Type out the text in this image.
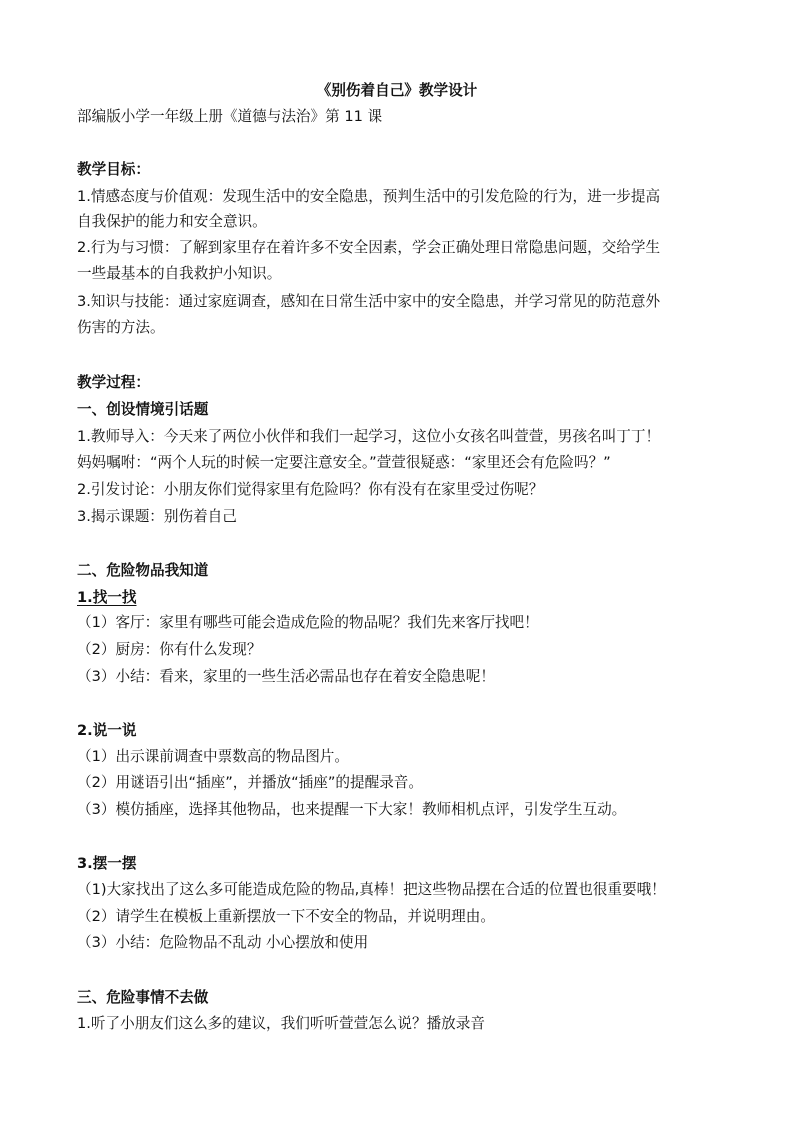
《别伤着自己》教学设计
部编版小学一年级上册《道德与法治》第 11 课
教学目标：
1.情感态度与价值观：发现生活中的安全隐患，预判生活中的引发危险的行为，进一步提高
自我保护的能力和安全意识。
2.行为与习惯：了解到家里存在着许多不安全因素，学会正确处理日常隐患问题，交给学生
一些最基本的自我救护小知识。
3.知识与技能：通过家庭调查，感知在日常生活中家中的安全隐患，并学习常见的防范意外
伤害的方法。
教学过程：
一、创设情境引话题
1.教师导入：今天来了两位小伙伴和我们一起学习，这位小女孩名叫萱萱，男孩名叫丁丁！
妈妈嘱咐：“两个人玩的时候一定要注意安全。”萱萱很疑惑：“家里还会有危险吗？”
2.引发讨论：小朋友你们觉得家里有危险吗？你有没有在家里受过伤呢？
3.揭示课题：别伤着自己
二、危险物品我知道
1.找一找
（1）客厅：家里有哪些可能会造成危险的物品呢？我们先来客厅找吧！
（2）厨房：你有什么发现？
（3）小结：看来，家里的一些生活必需品也存在着安全隐患呢！
2.说一说
（1）出示课前调查中票数高的物品图片。
（2）用谜语引出“插座”，并播放“插座”的提醒录音。
（3）模仿插座，选择其他物品，也来提醒一下大家！教师相机点评，引发学生互动。
3.摆一摆
（1)大家找出了这么多可能造成危险的物品,真棒！把这些物品摆在合适的位置也很重要哦！
（2）请学生在模板上重新摆放一下不安全的物品，并说明理由。
（3）小结：危险物品不乱动 小心摆放和使用
三、危险事情不去做
1.听了小朋友们这么多的建议，我们听听萱萱怎么说？播放录音
